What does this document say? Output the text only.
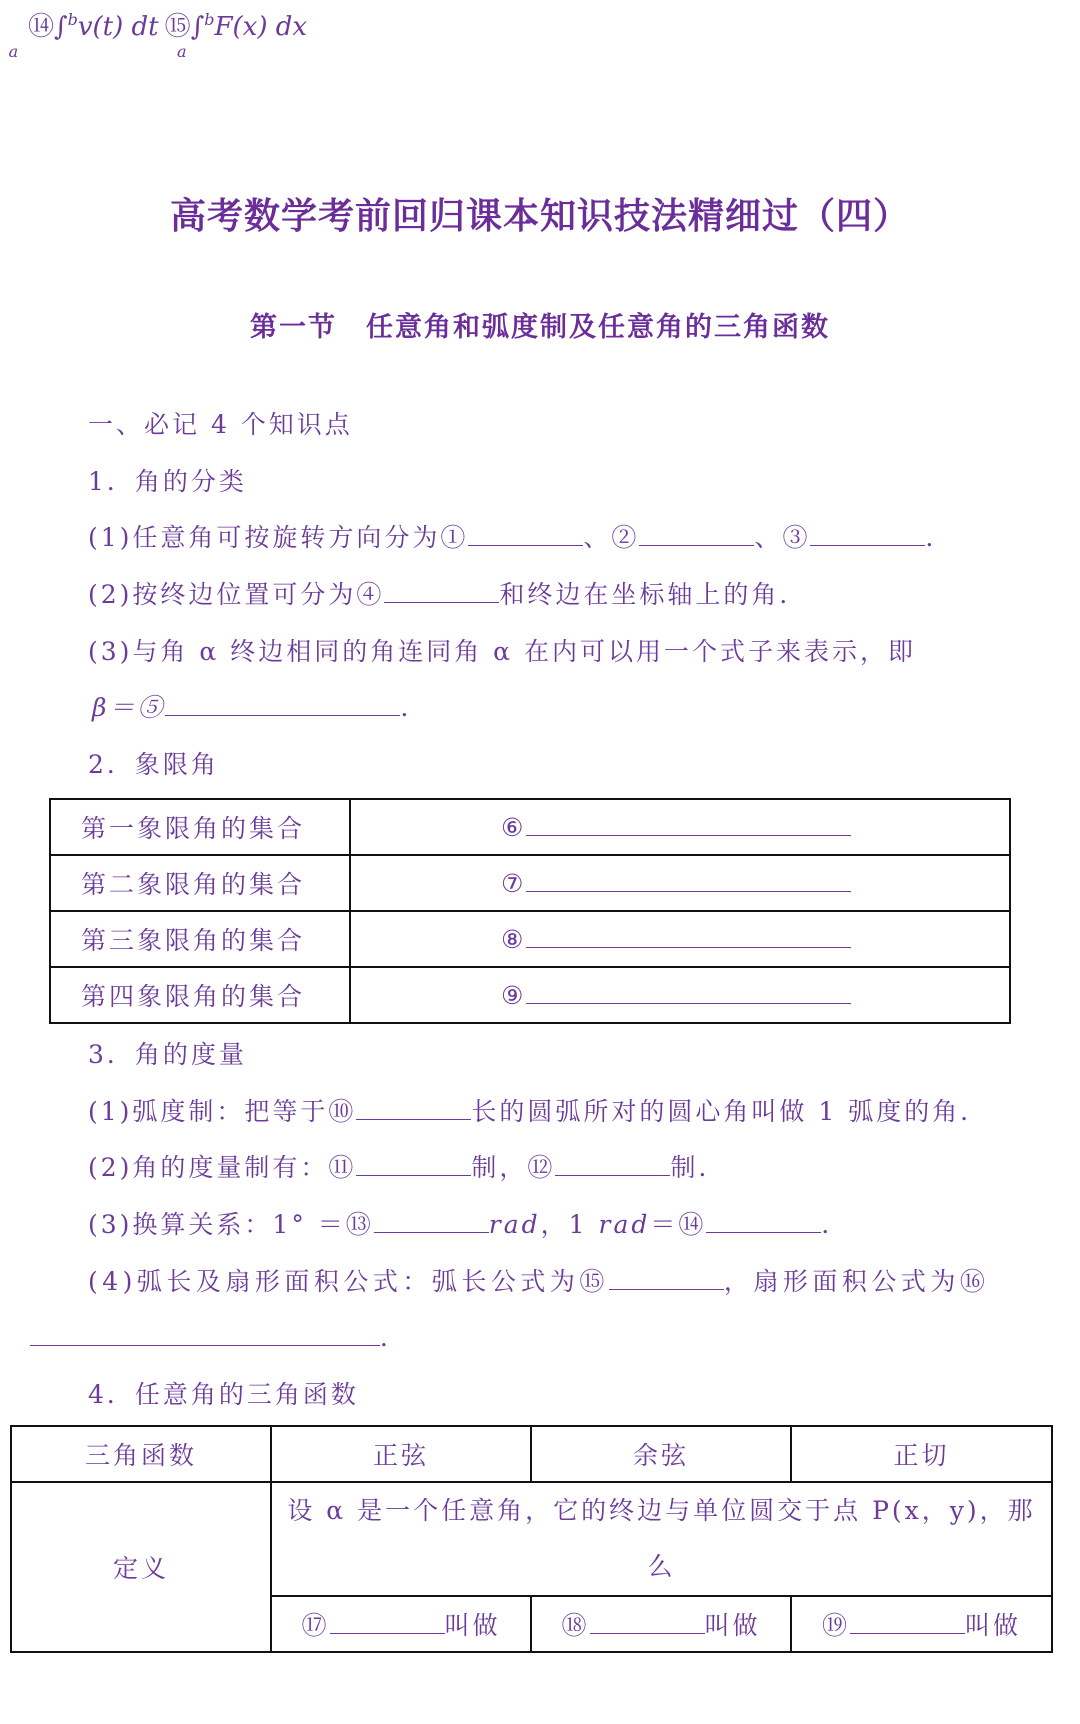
⑭∫$^b$v(t) $dt_a$  ⑮∫$^b$F(x) $dx_a$
高考数学考前回归课本知识技法精细过（四）
第一节　任意角和弧度制及任意角的三角函数
一、必记 4 个知识点
1．角的分类
(1)任意角可按旋转方向分为①	、②	、③	．
(2)按终边位置可分为④	和终边在坐标轴上的角．
(3)与角 α 终边相同的角连同角 α 在内可以用一个式子来表示，即
β＝⑤	．
2．象限角
第一象限角的集合	⑥
第二象限角的集合	⑦
第三象限角的集合	⑧
第四象限角的集合	⑨
3．角的度量
(1)弧度制：把等于⑩	长的圆弧所对的圆心角叫做 1 弧度的角．
(2)角的度量制有：⑪	制，⑫	制．
(3)换算关系：1° ＝⑬	rad，1 rad＝⑭	．
(4)弧长及扇形面积公式：弧长公式为⑮	，扇形面积公式为⑯
．
4．任意角的三角函数
三角函数	正弦	余弦	正切
定义	设 α 是一个任意角，它的终边与单位圆交于点 P(x，y)，那
么		

	⑰ 叫做	⑱ 叫做	⑲ 叫做
